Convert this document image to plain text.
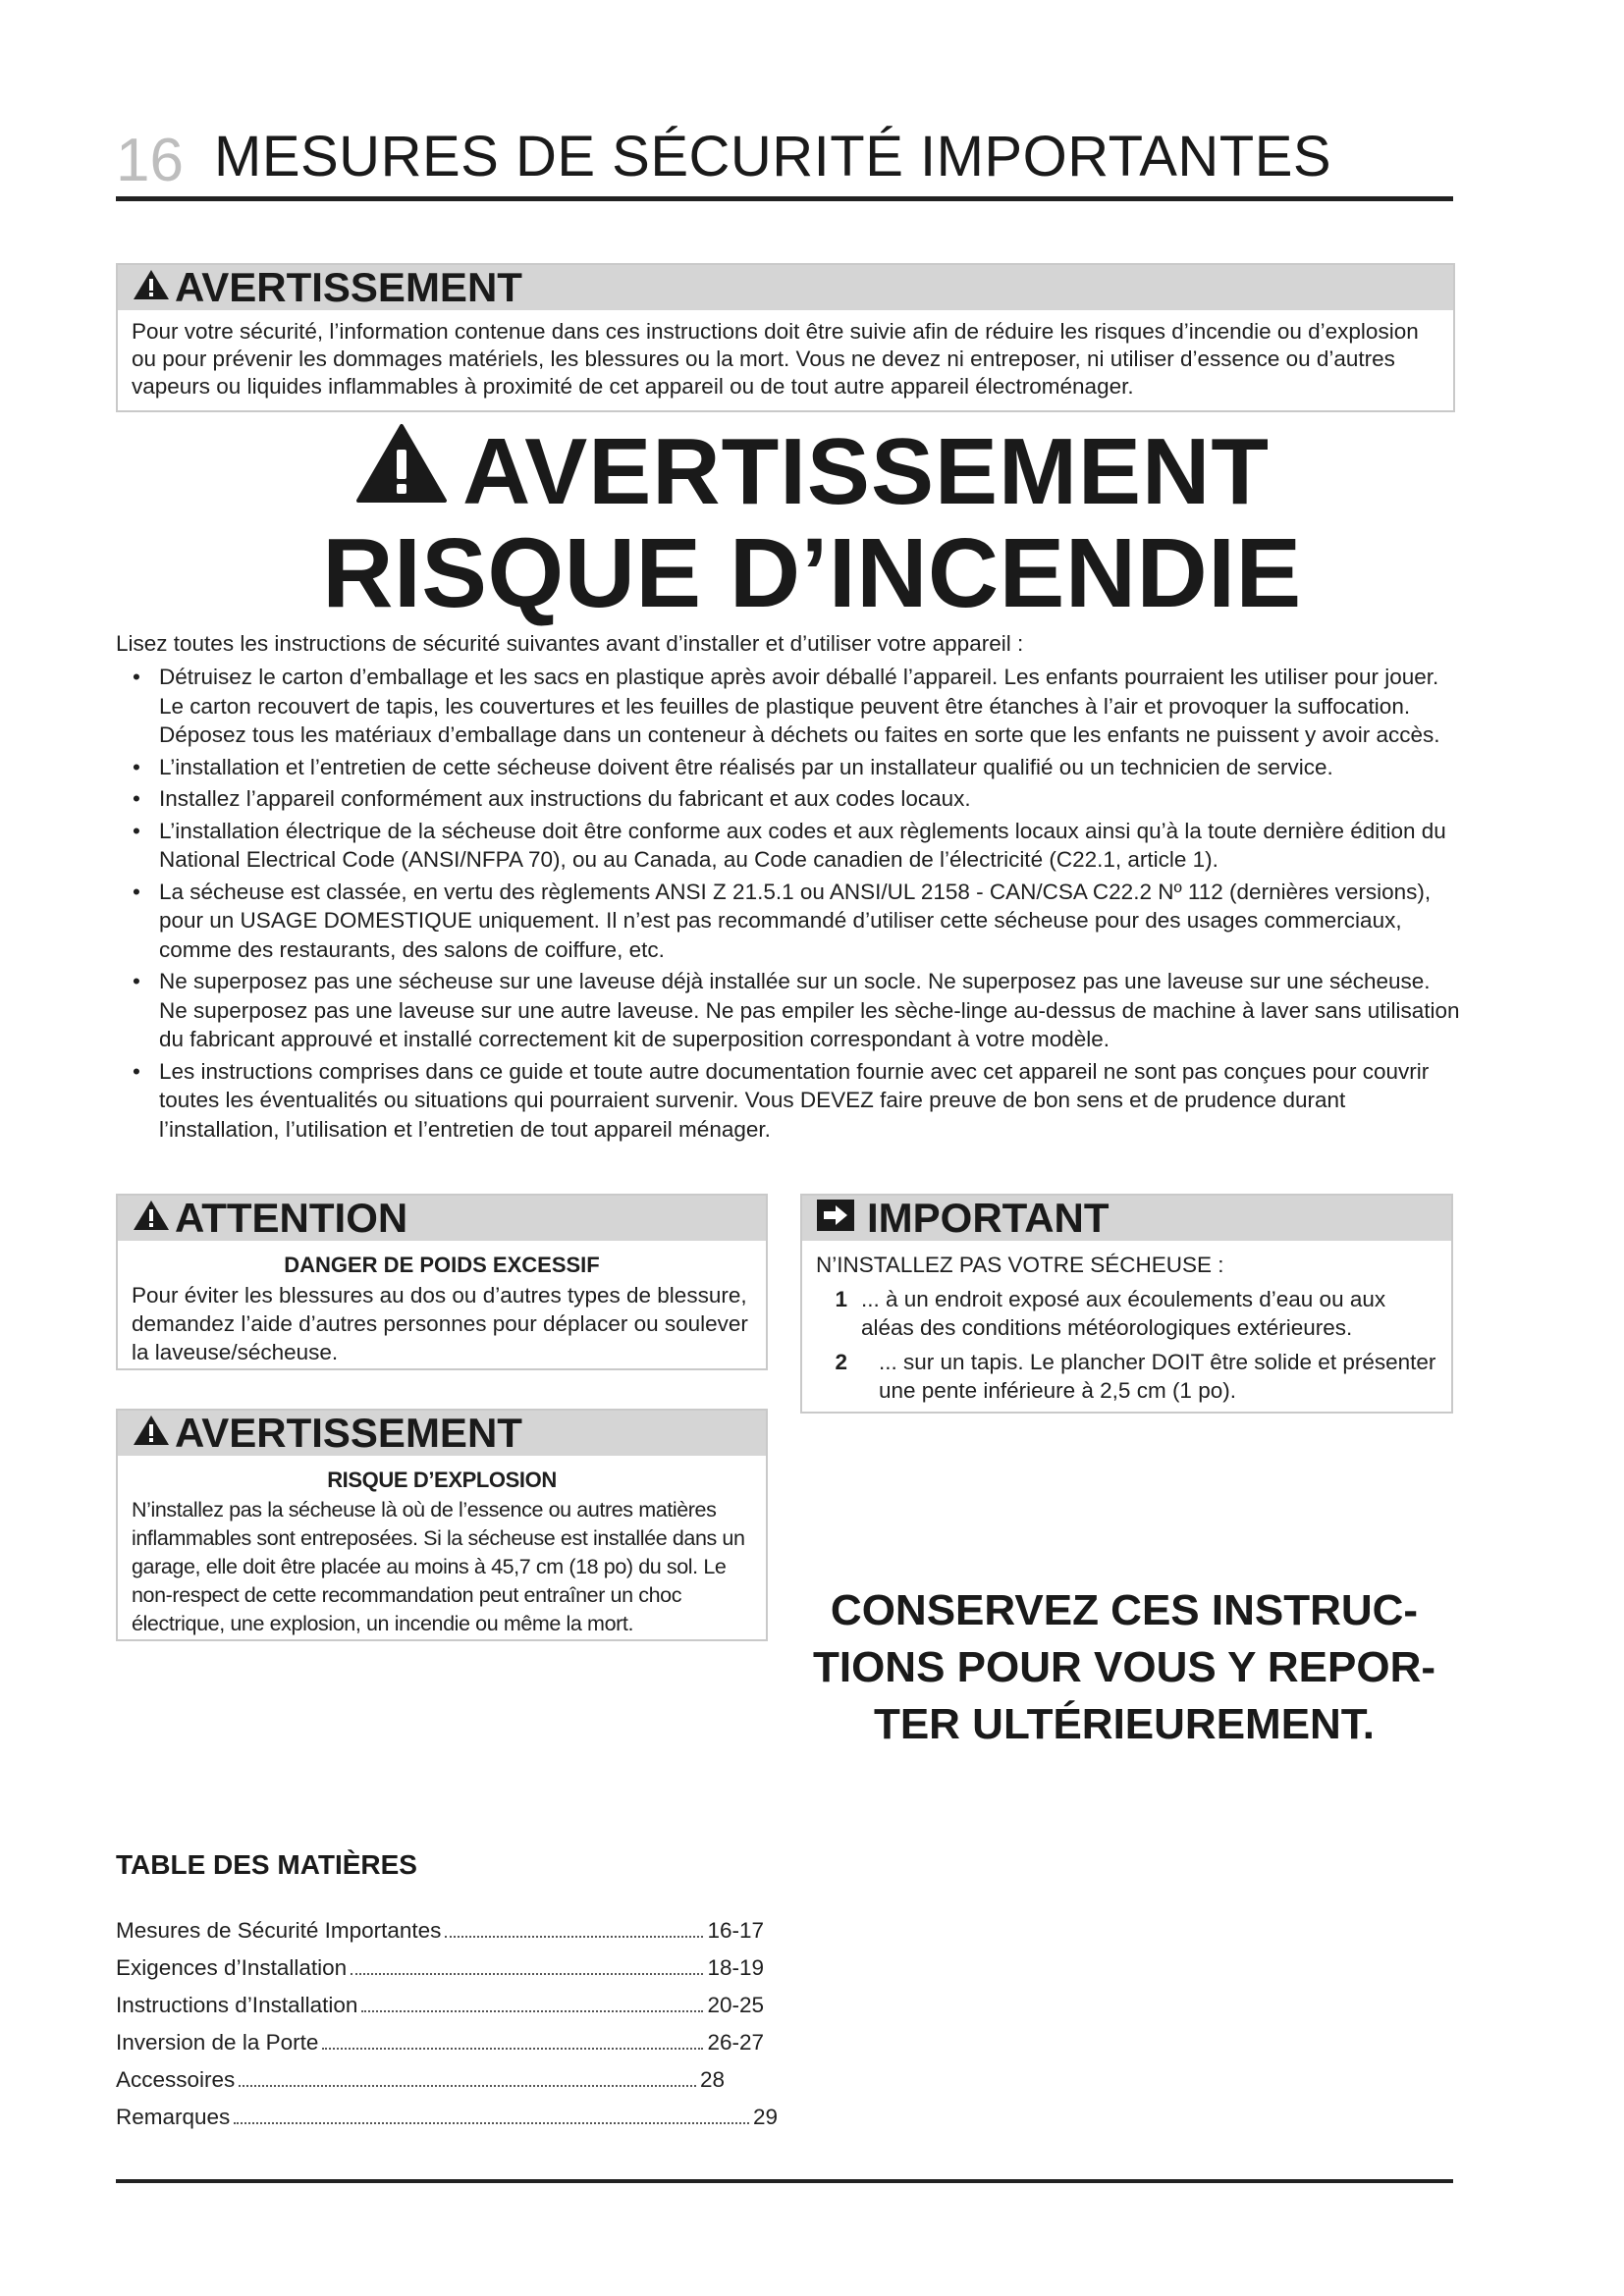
16 MESURES DE SÉCURITÉ IMPORTANTES
AVERTISSEMENT
Pour votre sécurité, l’information contenue dans ces instructions doit être suivie afin de réduire les risques d’incendie ou d’explosion ou pour prévenir les dommages matériels, les blessures ou la mort. Vous ne devez ni entreposer, ni utiliser d’essence ou d’autres vapeurs ou liquides inflammables à proximité de cet appareil ou de tout autre appareil électroménager.
AVERTISSEMENT
RISQUE D’INCENDIE
Lisez toutes les instructions de sécurité suivantes avant d’installer et d’utiliser votre appareil :
• Détruisez le carton d’emballage et les sacs en plastique après avoir déballé l’appareil. Les enfants pourraient les utiliser pour jouer. Le carton recouvert de tapis, les couvertures et les feuilles de plastique peuvent être étanches à l’air et provoquer la suffocation. Déposez tous les matériaux d’emballage dans un conteneur à déchets ou faites en sorte que les enfants ne puissent y avoir accès.
• L’installation et l’entretien de cette sécheuse doivent être réalisés par un installateur qualifié ou un technicien de service.
• Installez l’appareil conformément aux instructions du fabricant et aux codes locaux.
• L’installation électrique de la sécheuse doit être conforme aux codes et aux règlements locaux ainsi qu’à la toute dernière édition du National Electrical Code (ANSI/NFPA 70), ou au Canada, au Code canadien de l’électricité (C22.1, article 1).
• La sécheuse est classée, en vertu des règlements ANSI Z 21.5.1 ou ANSI/UL 2158 - CAN/CSA C22.2 Nº 112 (dernières versions), pour un USAGE DOMESTIQUE uniquement. Il n’est pas recommandé d’utiliser cette sécheuse pour des usages commerciaux, comme des restaurants, des salons de coiffure, etc.
• Ne superposez pas une sécheuse sur une laveuse déjà installée sur un socle. Ne superposez pas une laveuse sur une sécheuse. Ne superposez pas une laveuse sur une autre laveuse. Ne pas empiler les sèche-linge au-dessus de machine à laver sans utilisation du fabricant approuvé et installé correctement kit de superposition correspondant à votre modèle.
• Les instructions comprises dans ce guide et toute autre documentation fournie avec cet appareil ne sont pas conçues pour couvrir toutes les éventualités ou situations qui pourraient survenir. Vous DEVEZ faire preuve de bon sens et de prudence durant l’installation, l’utilisation et l’entretien de tout appareil ménager.
ATTENTION
DANGER DE POIDS EXCESSIF
Pour éviter les blessures au dos ou d’autres types de blessure, demandez l’aide d’autres personnes pour déplacer ou soulever la laveuse/sécheuse.
AVERTISSEMENT
RISQUE D’EXPLOSION
N’installez pas la sécheuse là où de l’essence ou autres matières inflammables sont entreposées. Si la sécheuse est installée dans un garage, elle doit être placée au moins à 45,7 cm (18 po) du sol. Le non-respect de cette recommandation peut entraîner un choc électrique, une explosion, un incendie ou même la mort.
IMPORTANT
N’INSTALLEZ PAS VOTRE SÉCHEUSE :
1 ... à un endroit exposé aux écoulements d’eau ou aux aléas des conditions météorologiques extérieures.
2	... sur un tapis. Le plancher DOIT être solide et présenter une pente inférieure à 2,5 cm (1 po).
CONSERVEZ CES INSTRUC-
TIONS POUR VOUS Y REPOR-
TER ULTÉRIEUREMENT.
TABLE DES MATIÈRES
Mesures de Sécurité Importantes	16-17
Exigences d’Installation	18-19
Instructions d’Installation	20-25
Inversion de la Porte	26-27
Accessoires	28
Remarques	29
